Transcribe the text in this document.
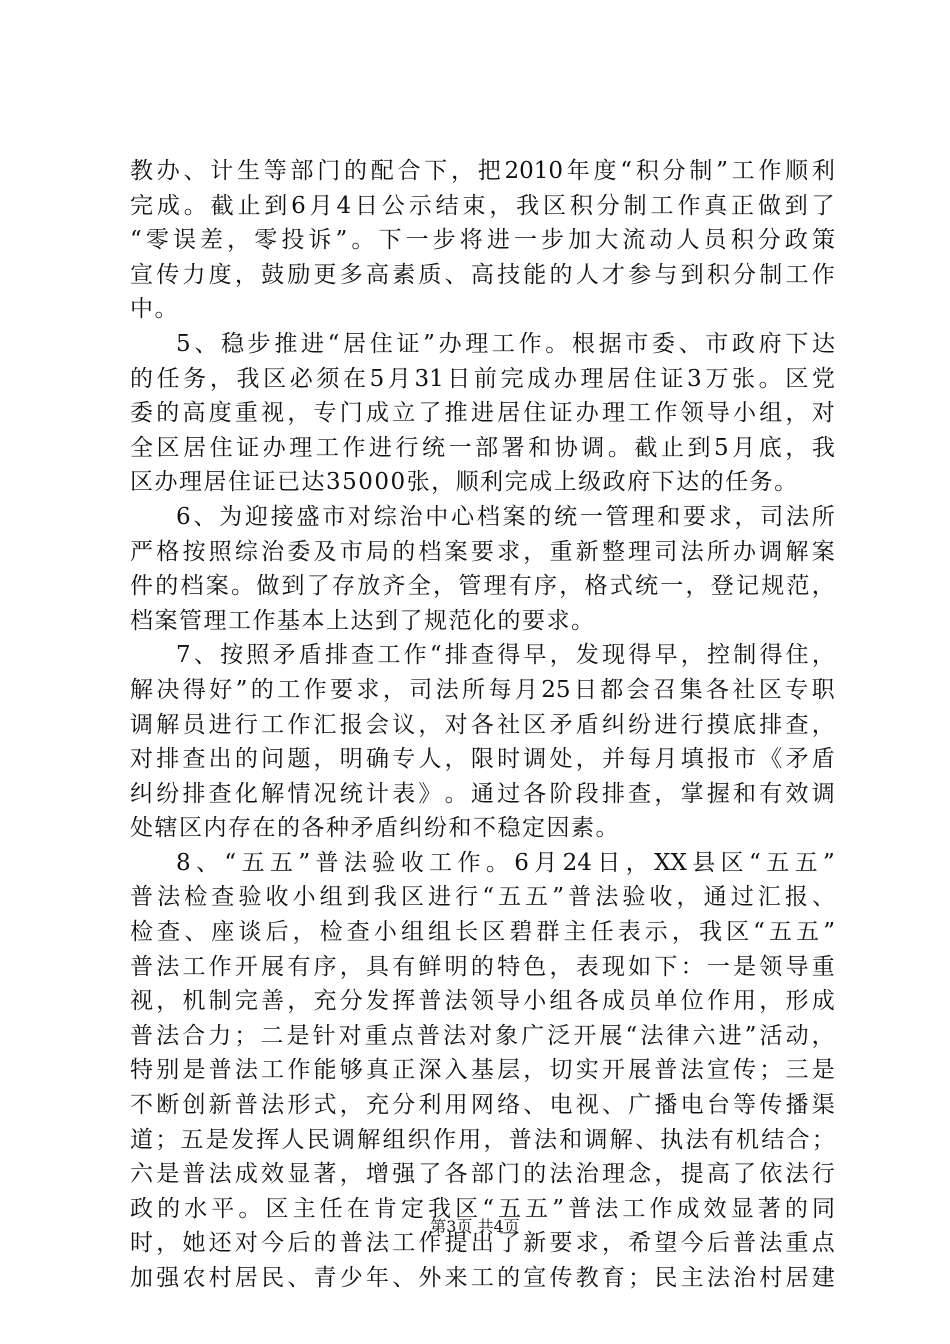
教 办 、 计 生 等 部 门 的 配 合 下 ， 把 2010 年 度 “ 积 分 制 ” 工 作 顺 利
完 成 。 截 止 到 6 月 4 日 公 示 结 束 ， 我 区 积 分 制 工 作 真 正 做 到 了
“ 零 误 差 ， 零 投 诉 ” 。 下 一 步 将 进 一 步 加 大 流 动 人 员 积 分 政 策
宣 传 力 度 ， 鼓 励 更 多 高 素 质 、 高 技 能 的 人 才 参 与 到 积 分 制 工 作
中。
5 、 稳 步 推 进 “ 居 住 证 ” 办 理 工 作 。 根 据 市 委 、 市 政 府 下 达
的 任 务 ， 我 区 必 须 在 5 月 31 日 前 完 成 办 理 居 住 证 3 万 张 。 区 党
委 的 高 度 重 视 ， 专 门 成 立 了 推 进 居 住 证 办 理 工 作 领 导 小 组 ， 对
全 区 居 住 证 办 理 工 作 进 行 统 一 部 署 和 协 调 。 截 止 到 5 月 底 ， 我
区办理居住证已达35000张，顺利完成上级政府下达的任务。
6 、 为 迎 接 盛 市 对 综 治 中 心 档 案 的 统 一 管 理 和 要 求 ， 司 法 所
严 格 按 照 综 治 委 及 市 局 的 档 案 要 求 ， 重 新 整 理 司 法 所 办 调 解 案
件 的 档 案 。 做 到 了 存 放 齐 全 ， 管 理 有 序 ， 格 式 统 一 ， 登 记 规 范 ，
档案管理工作基本上达到了规范化的要求。
7 、 按 照 矛 盾 排 查 工 作 “ 排 查 得 早 ， 发 现 得 早 ， 控 制 得 住 ，
解 决 得 好 ” 的 工 作 要 求 ， 司 法 所 每 月 25 日 都 会 召 集 各 社 区 专 职
调 解 员 进 行 工 作 汇 报 会 议 ， 对 各 社 区 矛 盾 纠 纷 进 行 摸 底 排 查 ，
对 排 查 出 的 问 题 ， 明 确 专 人 ， 限 时 调 处 ， 并 每 月 填 报 市 《 矛 盾
纠 纷 排 查 化 解 情 况 统 计 表 》 。 通 过 各 阶 段 排 查 ， 掌 握 和 有 效 调
处辖区内存在的各种矛盾纠纷和不稳定因素。
8 、 “ 五 五 ” 普 法 验 收 工 作 。 6 月 24 日 ， XX 县 区 “ 五 五 ”
普 法 检 查 验 收 小 组 到 我 区 进 行 “ 五 五 ” 普 法 验 收 ， 通 过 汇 报 、
检 查 、 座 谈 后 ， 检 查 小 组 组 长 区 碧 群 主 任 表 示 ， 我 区 “ 五 五 ”
普 法 工 作 开 展 有 序 ， 具 有 鲜 明 的 特 色 ， 表 现 如 下 ： 一 是 领 导 重
视 ， 机 制 完 善 ， 充 分 发 挥 普 法 领 导 小 组 各 成 员 单 位 作 用 ， 形 成
普 法 合 力 ； 二 是 针 对 重 点 普 法 对 象 广 泛 开 展 “ 法 律 六 进 ” 活 动 ，
特 别 是 普 法 工 作 能 够 真 正 深 入 基 层 ， 切 实 开 展 普 法 宣 传 ； 三 是
不 断 创 新 普 法 形 式 ， 充 分 利 用 网 络 、 电 视 、 广 播 电 台 等 传 播 渠
道 ； 五 是 发 挥 人 民 调 解 组 织 作 用 ， 普 法 和 调 解 、 执 法 有 机 结 合 ；
六 是 普 法 成 效 显 著 ， 增 强 了 各 部 门 的 法 治 理 念 ， 提 高 了 依 法 行
政 的 水 平 。 区 主 任 在 肯 定 我 区 “ 五 五 ” 普 法 工 作 成 效 显 著 的 同
时 ， 她 还 对 今 后 的 普 法 工 作 提 出 了 新 要 求 ， 希 望 今 后 普 法 重 点
加 强 农 村 居 民 、 青 少 年 、 外 来 工 的 宣 传 教 育 ； 民 主 法 治 村 居 建
第3页 共4页
